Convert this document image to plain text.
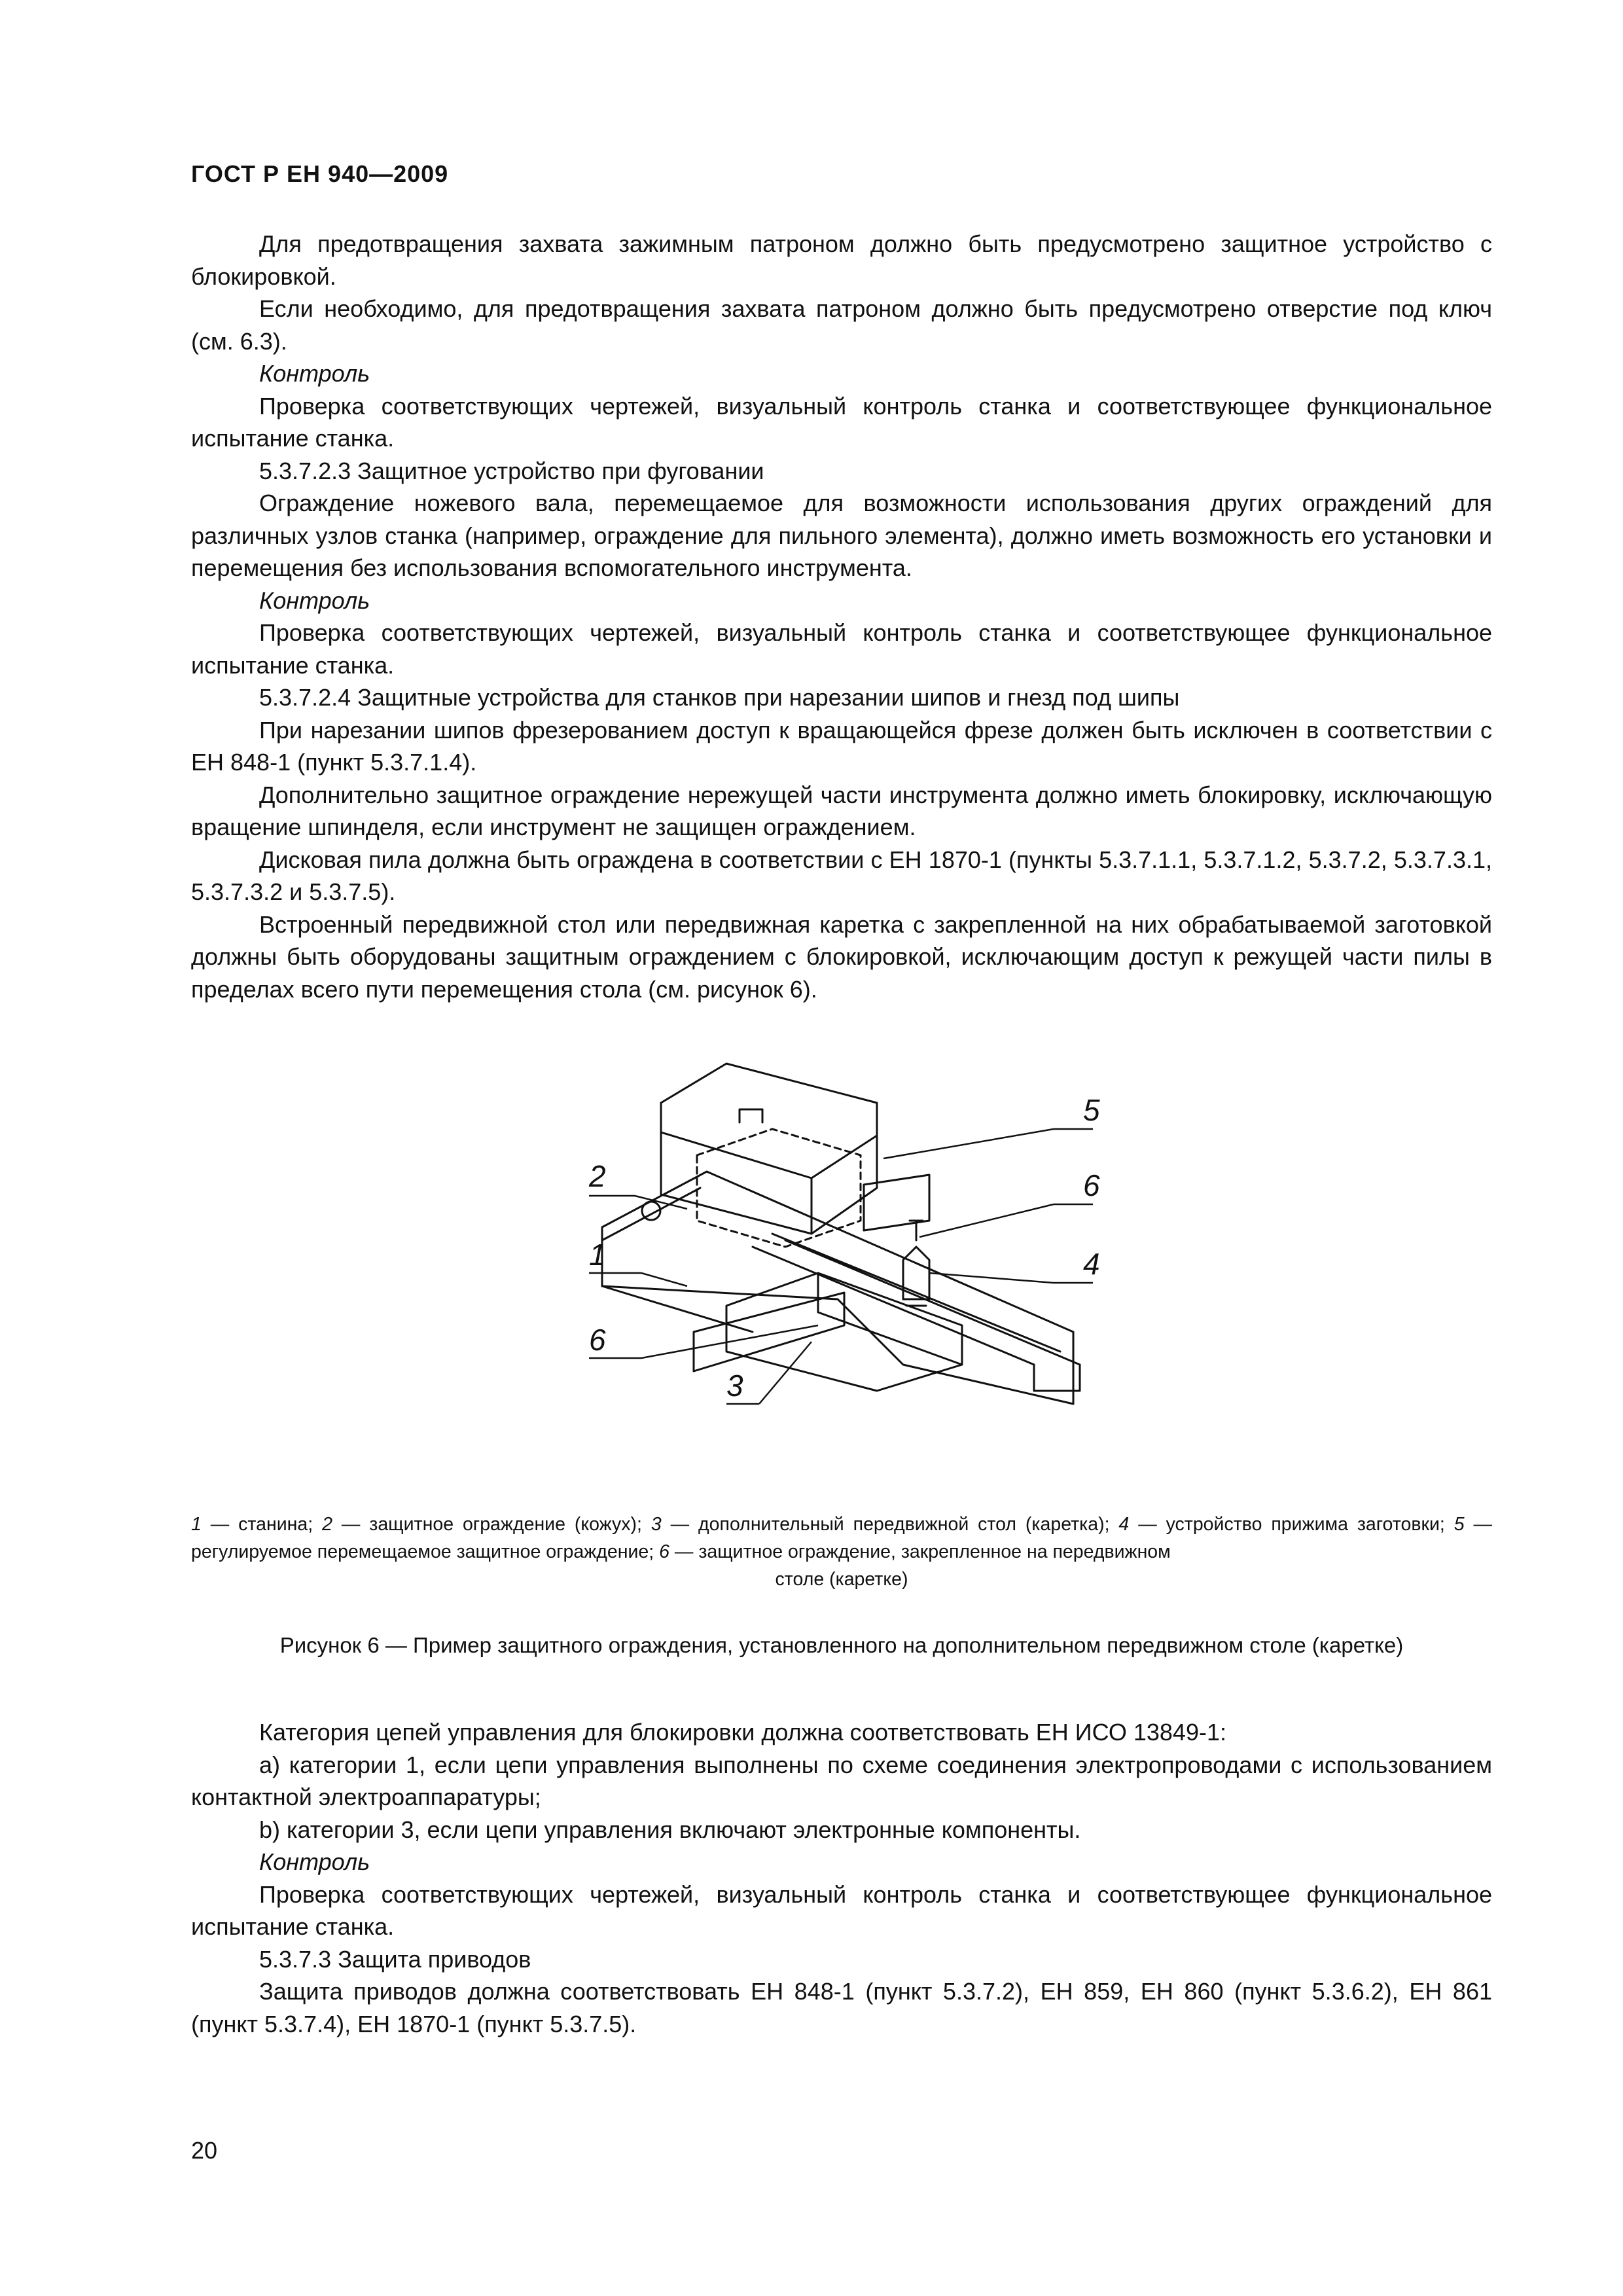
ГОСТ Р ЕН 940—2009

Для предотвращения захвата зажимным патроном должно быть предусмотрено защитное устройство с блокировкой.

Если необходимо, для предотвращения захвата патроном должно быть предусмотрено отверстие под ключ (см. 6.3).

Контроль

Проверка соответствующих чертежей, визуальный контроль станка и соответствующее функциональное испытание станка.

5.3.7.2.3 Защитное устройство при фуговании

Ограждение ножевого вала, перемещаемое для возможности использования других ограждений для различных узлов станка (например, ограждение для пильного элемента), должно иметь возможность его установки и перемещения без использования вспомогательного инструмента.

Контроль

Проверка соответствующих чертежей, визуальный контроль станка и соответствующее функциональное испытание станка.

5.3.7.2.4 Защитные устройства для станков при нарезании шипов и гнезд под шипы

При нарезании шипов фрезерованием доступ к вращающейся фрезе должен быть исключен в соответствии с ЕН 848-1 (пункт 5.3.7.1.4).

Дополнительно защитное ограждение нережущей части инструмента должно иметь блокировку, исключающую вращение шпинделя, если инструмент не защищен ограждением.

Дисковая пила должна быть ограждена в соответствии с ЕН 1870-1 (пункты 5.3.7.1.1, 5.3.7.1.2, 5.3.7.2, 5.3.7.3.1, 5.3.7.3.2 и 5.3.7.5).

Встроенный передвижной стол или передвижная каретка с закрепленной на них обрабатываемой заготовкой должны быть оборудованы защитным ограждением с блокировкой, исключающим доступ к режущей части пилы в пределах всего пути перемещения стола (см. рисунок 6).

2
1
6
3
4
6
5
1 — станина; 2 — защитное ограждение (кожух); 3 — дополнительный передвижной стол (каретка); 4 — устройство прижима заготовки; 5 — регулируемое перемещаемое защитное ограждение; 6 — защитное ограждение, закрепленное на передвижном
столе (каретке)
Рисунок 6 — Пример защитного ограждения, установленного на дополнительном передвижном столе (каретке)

Категория цепей управления для блокировки должна соответствовать ЕН ИСО 13849-1:

a) категории 1, если цепи управления выполнены по схеме соединения электропроводами с использованием контактной электроаппаратуры;

b) категории 3, если цепи управления включают электронные компоненты.

Контроль

Проверка соответствующих чертежей, визуальный контроль станка и соответствующее функциональное испытание станка.

5.3.7.3 Защита приводов

Защита приводов должна соответствовать ЕН 848-1 (пункт 5.3.7.2), ЕН 859, ЕН 860 (пункт 5.3.6.2), ЕН 861 (пункт 5.3.7.4), ЕН 1870-1 (пункт 5.3.7.5).

20
